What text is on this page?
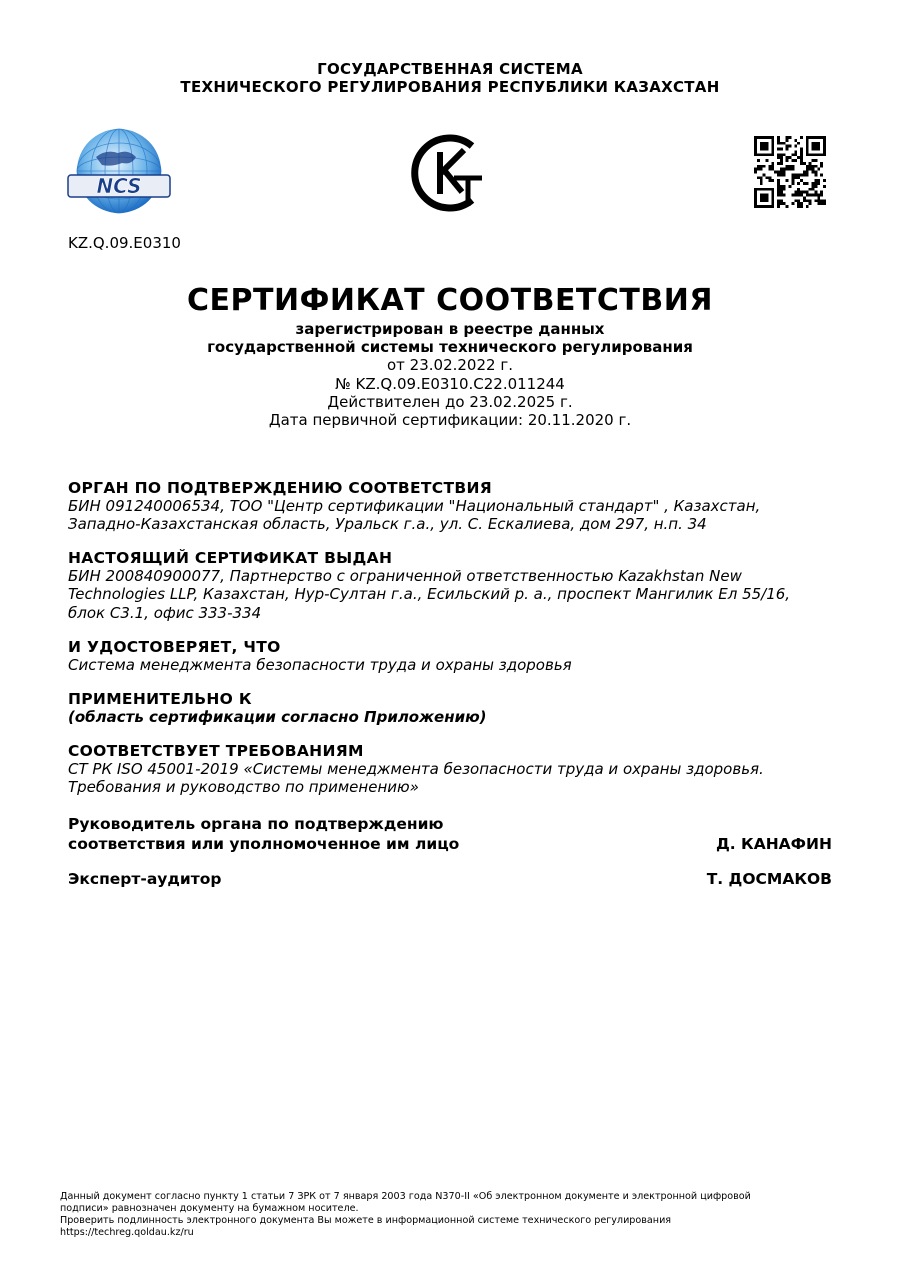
ГОСУДАРСТВЕННАЯ СИСТЕМА
ТЕХНИЧЕСКОГО РЕГУЛИРОВАНИЯ РЕСПУБЛИКИ КАЗАХСТАН
NCS
KZ.Q.09.E0310
СЕРТИФИКАТ СООТВЕТСТВИЯ
зарегистрирован в реестре данных
государственной системы технического регулирования
от 23.02.2022 г.
№ KZ.Q.09.E0310.C22.011244
Действителен до 23.02.2025 г.
Дата первичной сертификации: 20.11.2020 г.
ОРГАН ПО ПОДТВЕРЖДЕНИЮ СООТВЕТСТВИЯ
БИН 091240006534, ТОО "Центр сертификации "Национальный стандарт" , Казахстан,
Западно-Казахстанская область, Уральск г.а., ул. С. Ескалиева, дом 297, н.п. 34
НАСТОЯЩИЙ СЕРТИФИКАТ ВЫДАН
БИН 200840900077, Партнерство с ограниченной ответственностью Kazakhstan New
Technologies LLP, Казахстан, Нур-Султан г.а., Есильский р. а., проспект Мангилик Ел 55/16,
блок С3.1, офис 333-334
И УДОСТОВЕРЯЕТ, ЧТО
Система менеджмента безопасности труда и охраны здоровья
ПРИМЕНИТЕЛЬНО К
(область сертификации согласно Приложению)
СООТВЕТСТВУЕТ ТРЕБОВАНИЯМ
СТ РК ISO 45001-2019 «Системы менеджмента безопасности труда и охраны здоровья.
Требования и руководство по применению»
Руководитель органа по подтверждению
соответствия или уполномоченное им лицо	Д. КАНАФИН
Эксперт-аудитор	Т. ДОСМАКОВ
Данный документ согласно пункту 1 статьи 7 ЗРК от 7 января 2003 года N370-II «Об электронном документе и электронной цифровой
подписи» равнозначен документу на бумажном носителе.
Проверить подлинность электронного документа Вы можете в информационной системе технического регулирования
https://techreg.qoldau.kz/ru
